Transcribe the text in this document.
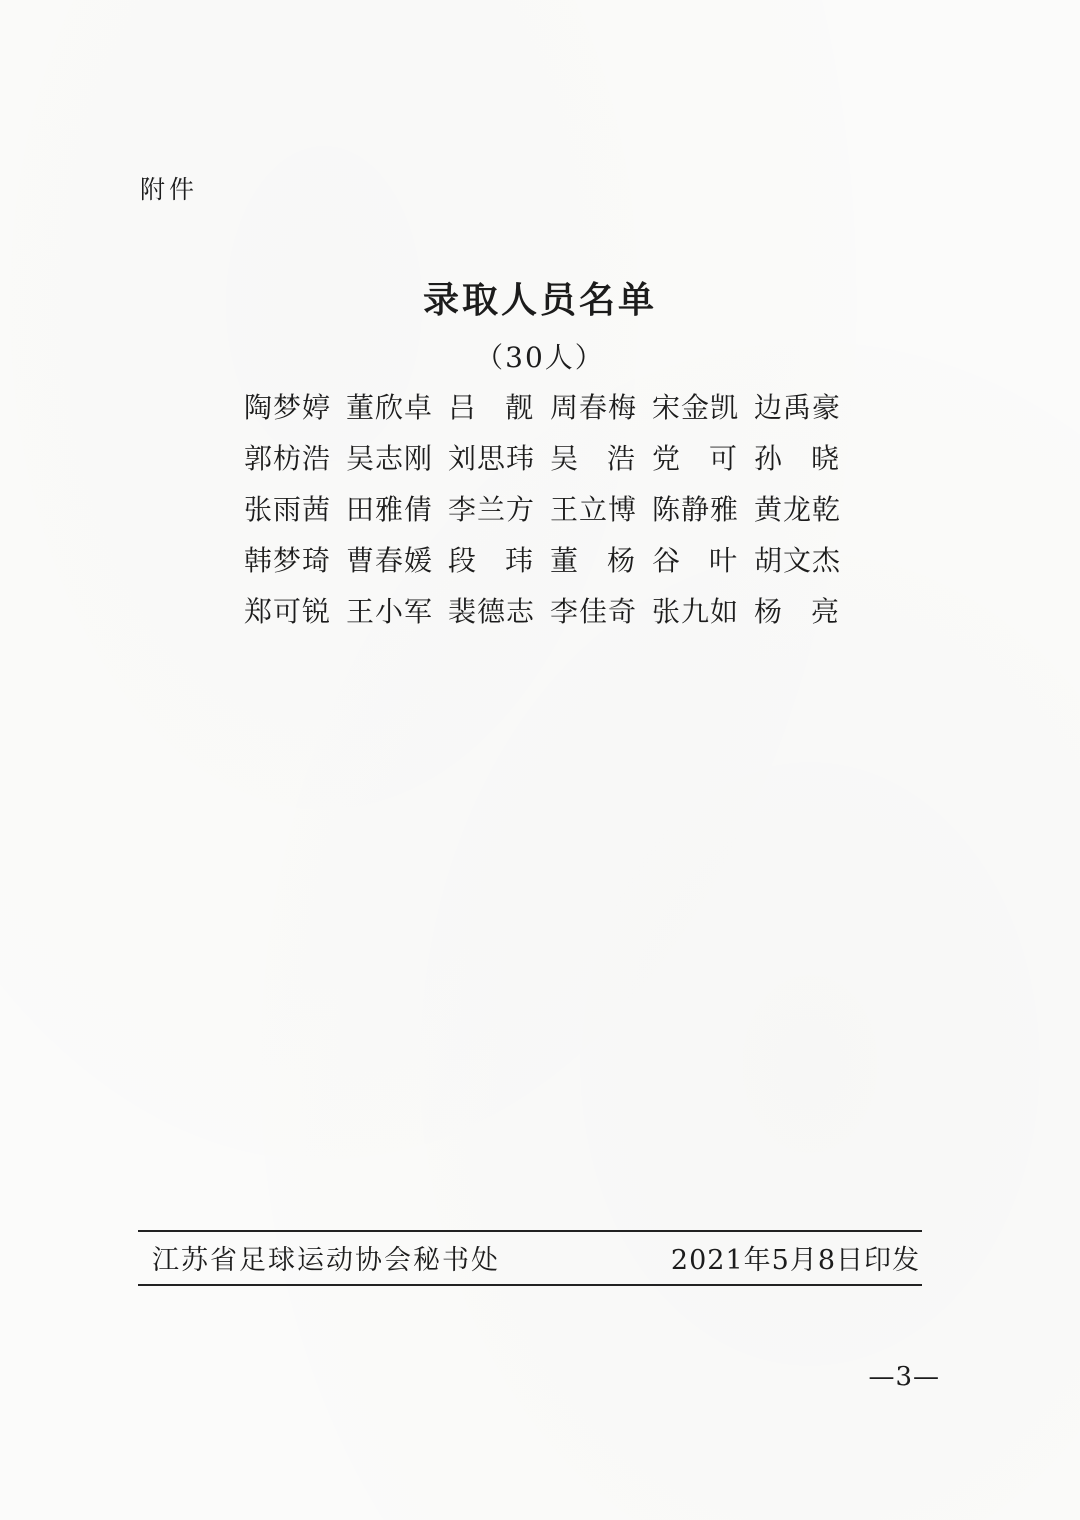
附件
录取人员名单
（30人）
陶 梦 婷 董 欣 卓 吕 靓 周 春 梅 宋 金 凯 边 禹 豪
郭 枋 浩 吴 志 刚 刘 思 玮 吴 浩 党 可 孙 晓
张 雨 茜 田 雅 倩 李 兰 方 王 立 博 陈 静 雅 黄 龙 乾
韩 梦 琦 曹 春 媛 段 玮 董 杨 谷 叶 胡 文 杰
郑 可 锐 王 小 军 裴 德 志 李 佳 奇 张 九 如 杨 亮
江苏省足球运动协会秘书处	2021年5月8日印发
—3—
